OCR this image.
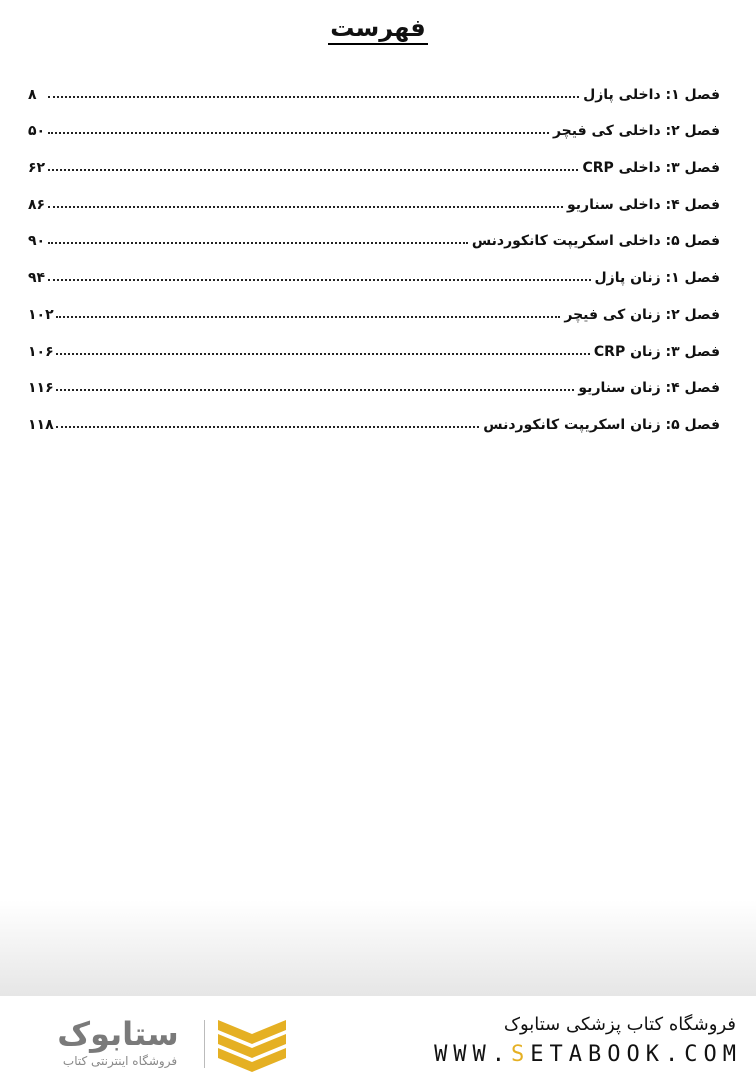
فهرست
فصل ۱: داخلی پازل
۸
فصل ۲: داخلی کی فیچر
۵۰
فصل ۳: داخلی CRP
۶۲
فصل ۴: داخلی سناریو
۸۶
فصل ۵: داخلی اسکریپت کانکوردنس
۹۰
فصل ۱: زنان پازل
۹۴
فصل ۲: زنان کی فیچر
۱۰۲
فصل ۳: زنان CRP
۱۰۶
فصل ۴: زنان سناریو
۱۱۶
فصل ۵: زنان اسکریپت کانکوردنس
۱۱۸
فروشگاه کتاب پزشکی ستابوک
WWW.SETABOOK.COM
ستابوک
فروشگاه اینترنتی کتاب
